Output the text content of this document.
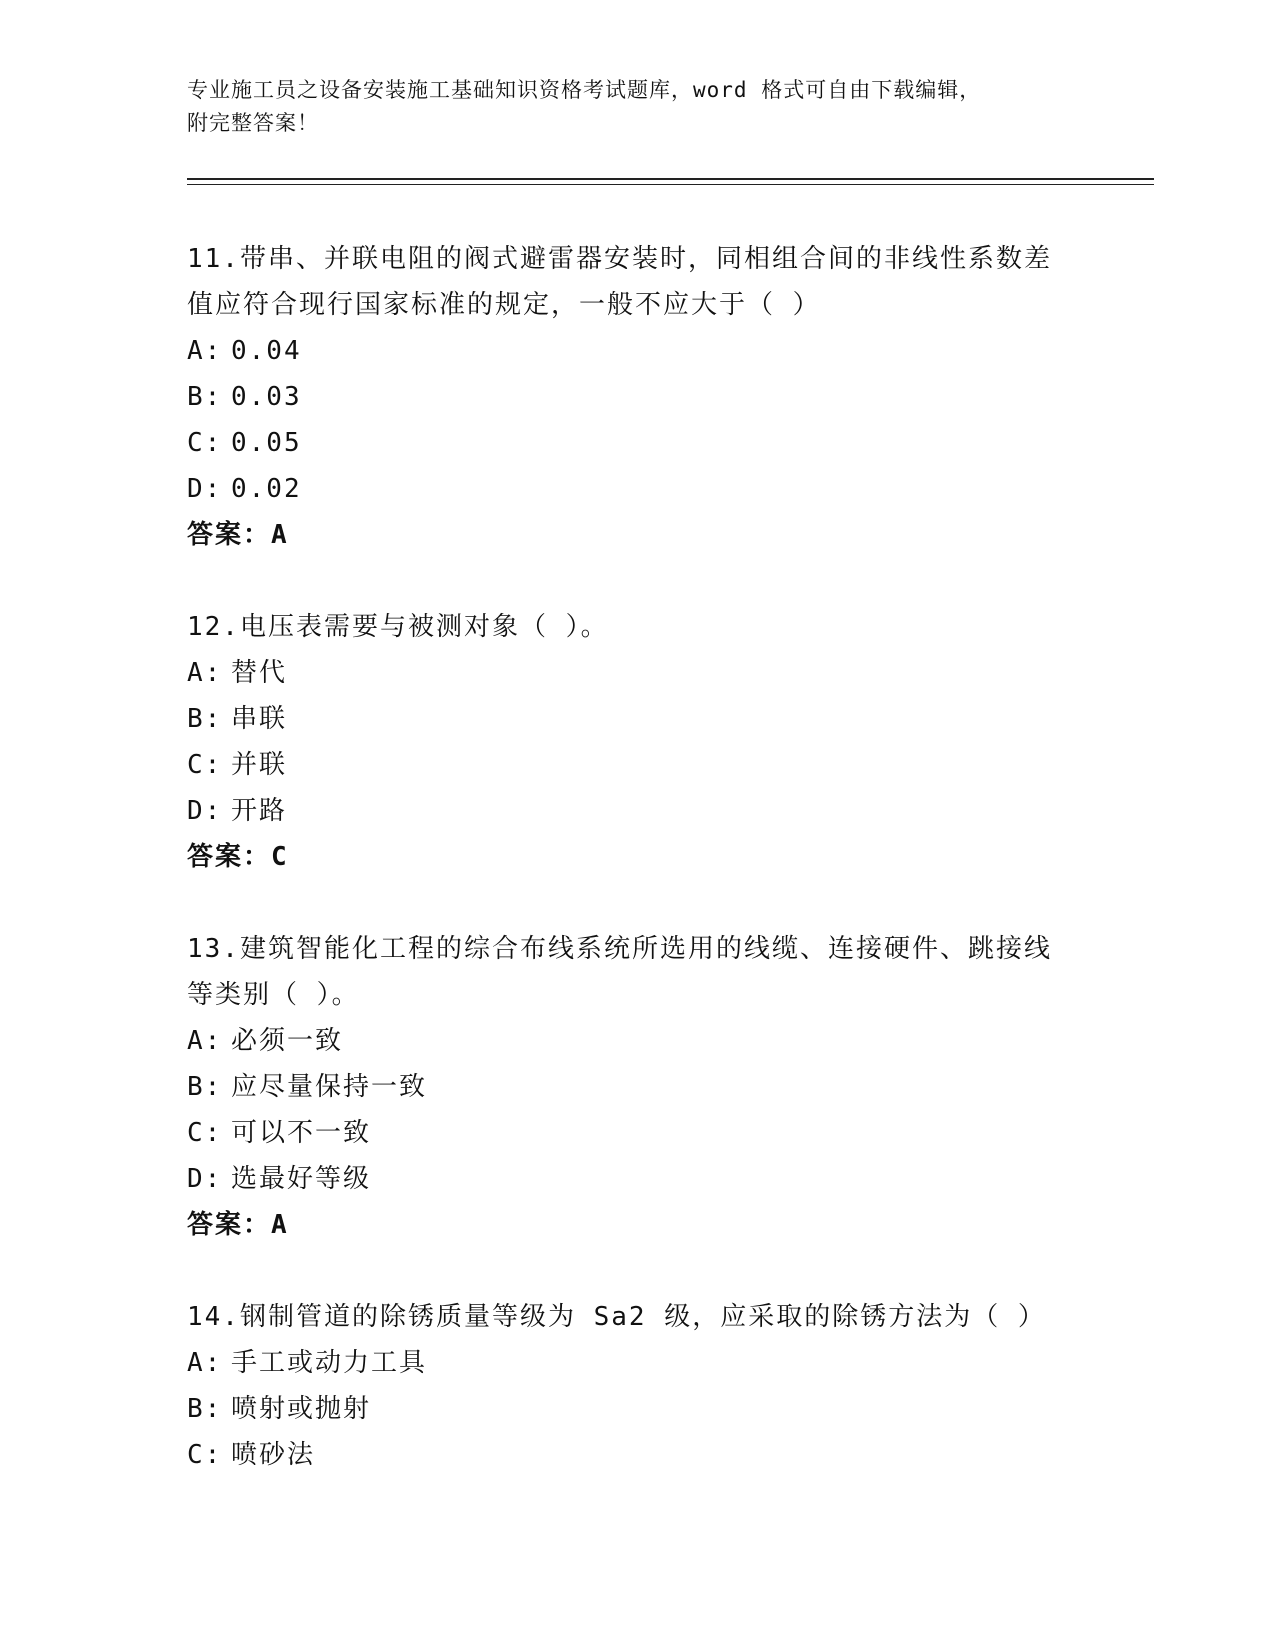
专业施工员之设备安装施工基础知识资格考试题库，word 格式可自由下载编辑，

附完整答案！

11.带串、并联电阻的阀式避雷器安装时，同相组合间的非线性系数差
值应符合现行国家标准的规定，一般不应大于（ ）

A: 0.04

B: 0.03

C: 0.05

D: 0.02

答案：A

12.电压表需要与被测对象（ ）。

A: 替代

B: 串联

C: 并联

D: 开路

答案：C

13.建筑智能化工程的综合布线系统所选用的线缆、连接硬件、跳接线
等类别（ ）。

A: 必须一致

B: 应尽量保持一致

C: 可以不一致

D: 选最好等级

答案：A

14.钢制管道的除锈质量等级为 Sa2 级，应采取的除锈方法为（ ）

A: 手工或动力工具

B: 喷射或抛射

C: 喷砂法
